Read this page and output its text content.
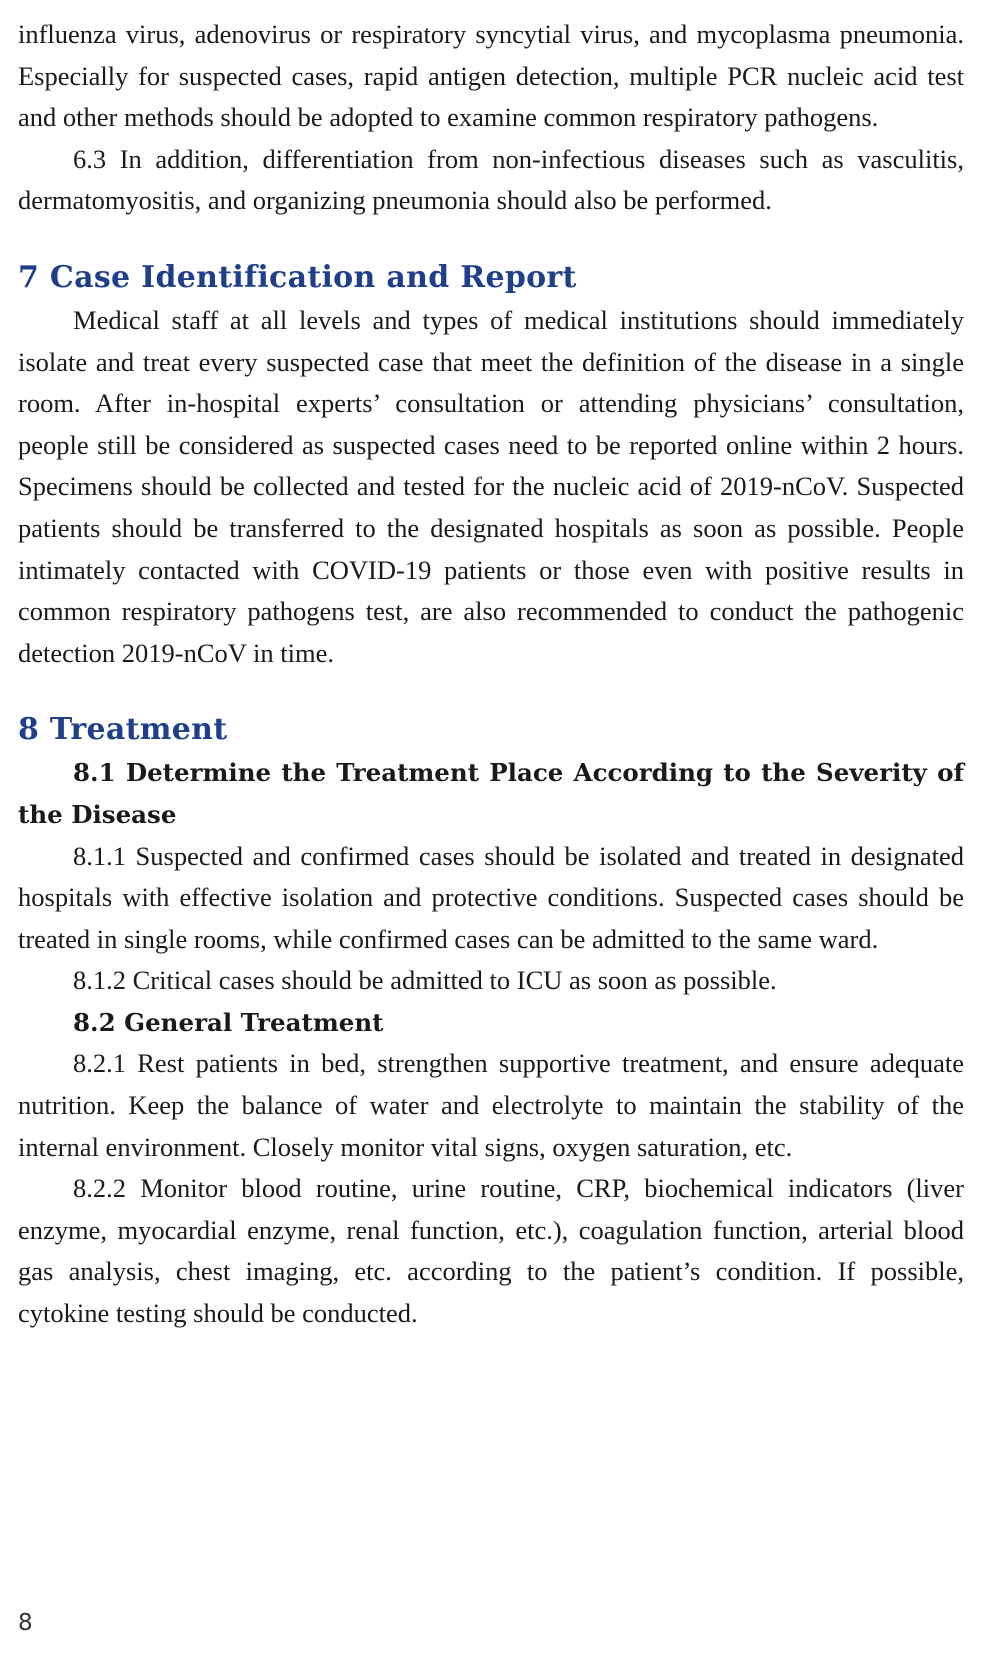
influenza virus, adenovirus or respiratory syncytial virus, and mycoplasma pneumonia. Especially for suspected cases, rapid antigen detection, multiple PCR nucleic acid test and other methods should be adopted to examine common respiratory pathogens.

6.3 In addition, differentiation from non-infectious diseases such as vasculitis, dermatomyositis, and organizing pneumonia should also be performed.

7 Case Identification and Report

Medical staff at all levels and types of medical institutions should immediately isolate and treat every suspected case that meet the definition of the disease in a single room. After in-hospital experts’ consultation or attending physicians’ consultation, people still be considered as suspected cases need to be reported online within 2 hours. Specimens should be collected and tested for the nucleic acid of 2019-nCoV. Suspected patients should be transferred to the designated hospitals as soon as possible. People intimately contacted with COVID-19 patients or those even with positive results in common respiratory pathogens test, are also recommended to conduct the pathogenic detection 2019-nCoV in time.

8 Treatment
8.1 Determine the Treatment Place According to the Severity of the Disease

8.1.1 Suspected and confirmed cases should be isolated and treated in designated hospitals with effective isolation and protective conditions. Suspected cases should be treated in single rooms, while confirmed cases can be admitted to the same ward.

8.1.2 Critical cases should be admitted to ICU as soon as possible.

8.2 General Treatment

8.2.1 Rest patients in bed, strengthen supportive treatment, and ensure adequate nutrition. Keep the balance of water and electrolyte to maintain the stability of the internal environment. Closely monitor vital signs, oxygen saturation, etc.

8.2.2 Monitor blood routine, urine routine, CRP, biochemical indicators (liver enzyme, myocardial enzyme, renal function, etc.), coagulation function, arterial blood gas analysis, chest imaging, etc. according to the patient’s condition. If possible, cytokine testing should be conducted.

8
